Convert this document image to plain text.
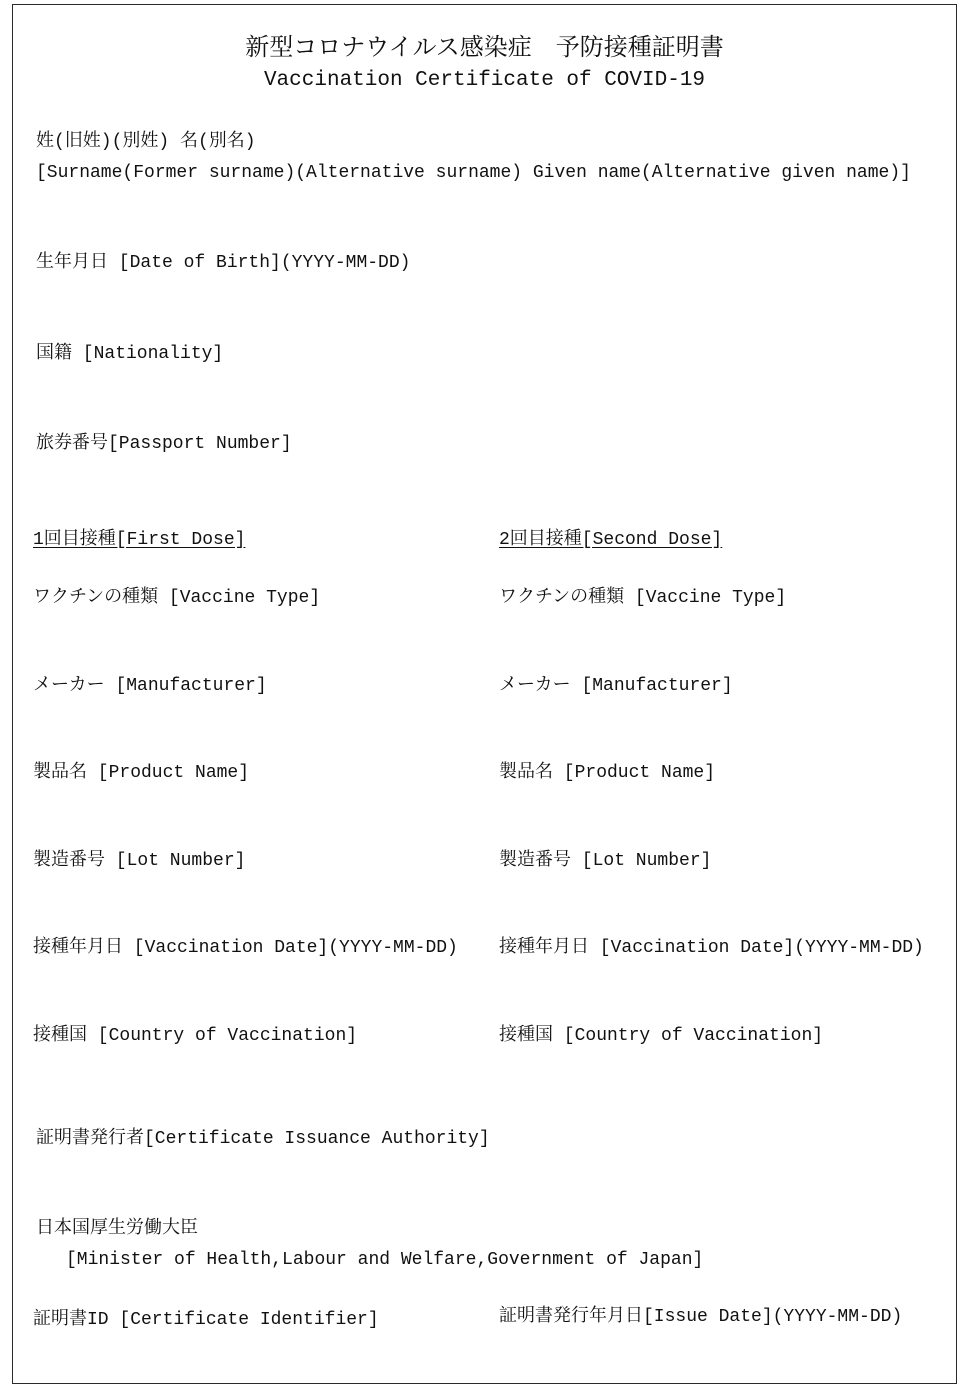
新型コロナウイルス感染症　予防接種証明書
Vaccination Certificate of COVID-19
姓(旧姓)(別姓) 名(別名)
[Surname(Former surname)(Alternative surname) Given name(Alternative given name)]
生年月日 [Date of Birth](YYYY-MM-DD)
国籍 [Nationality]
旅券番号[Passport Number]
1回目接種[First Dose]
ワクチンの種類 [Vaccine Type]
メーカー [Manufacturer]
製品名 [Product Name]
製造番号 [Lot Number]
接種年月日 [Vaccination Date](YYYY-MM-DD)
接種国 [Country of Vaccination]
2回目接種[Second Dose]
ワクチンの種類 [Vaccine Type]
メーカー [Manufacturer]
製品名 [Product Name]
製造番号 [Lot Number]
接種年月日 [Vaccination Date](YYYY-MM-DD)
接種国 [Country of Vaccination]
証明書発行者[Certificate Issuance Authority]
日本国厚生労働大臣
[Minister of Health,Labour and Welfare,Government of Japan]
証明書ID [Certificate Identifier]	証明書発行年月日[Issue Date](YYYY-MM-DD)
